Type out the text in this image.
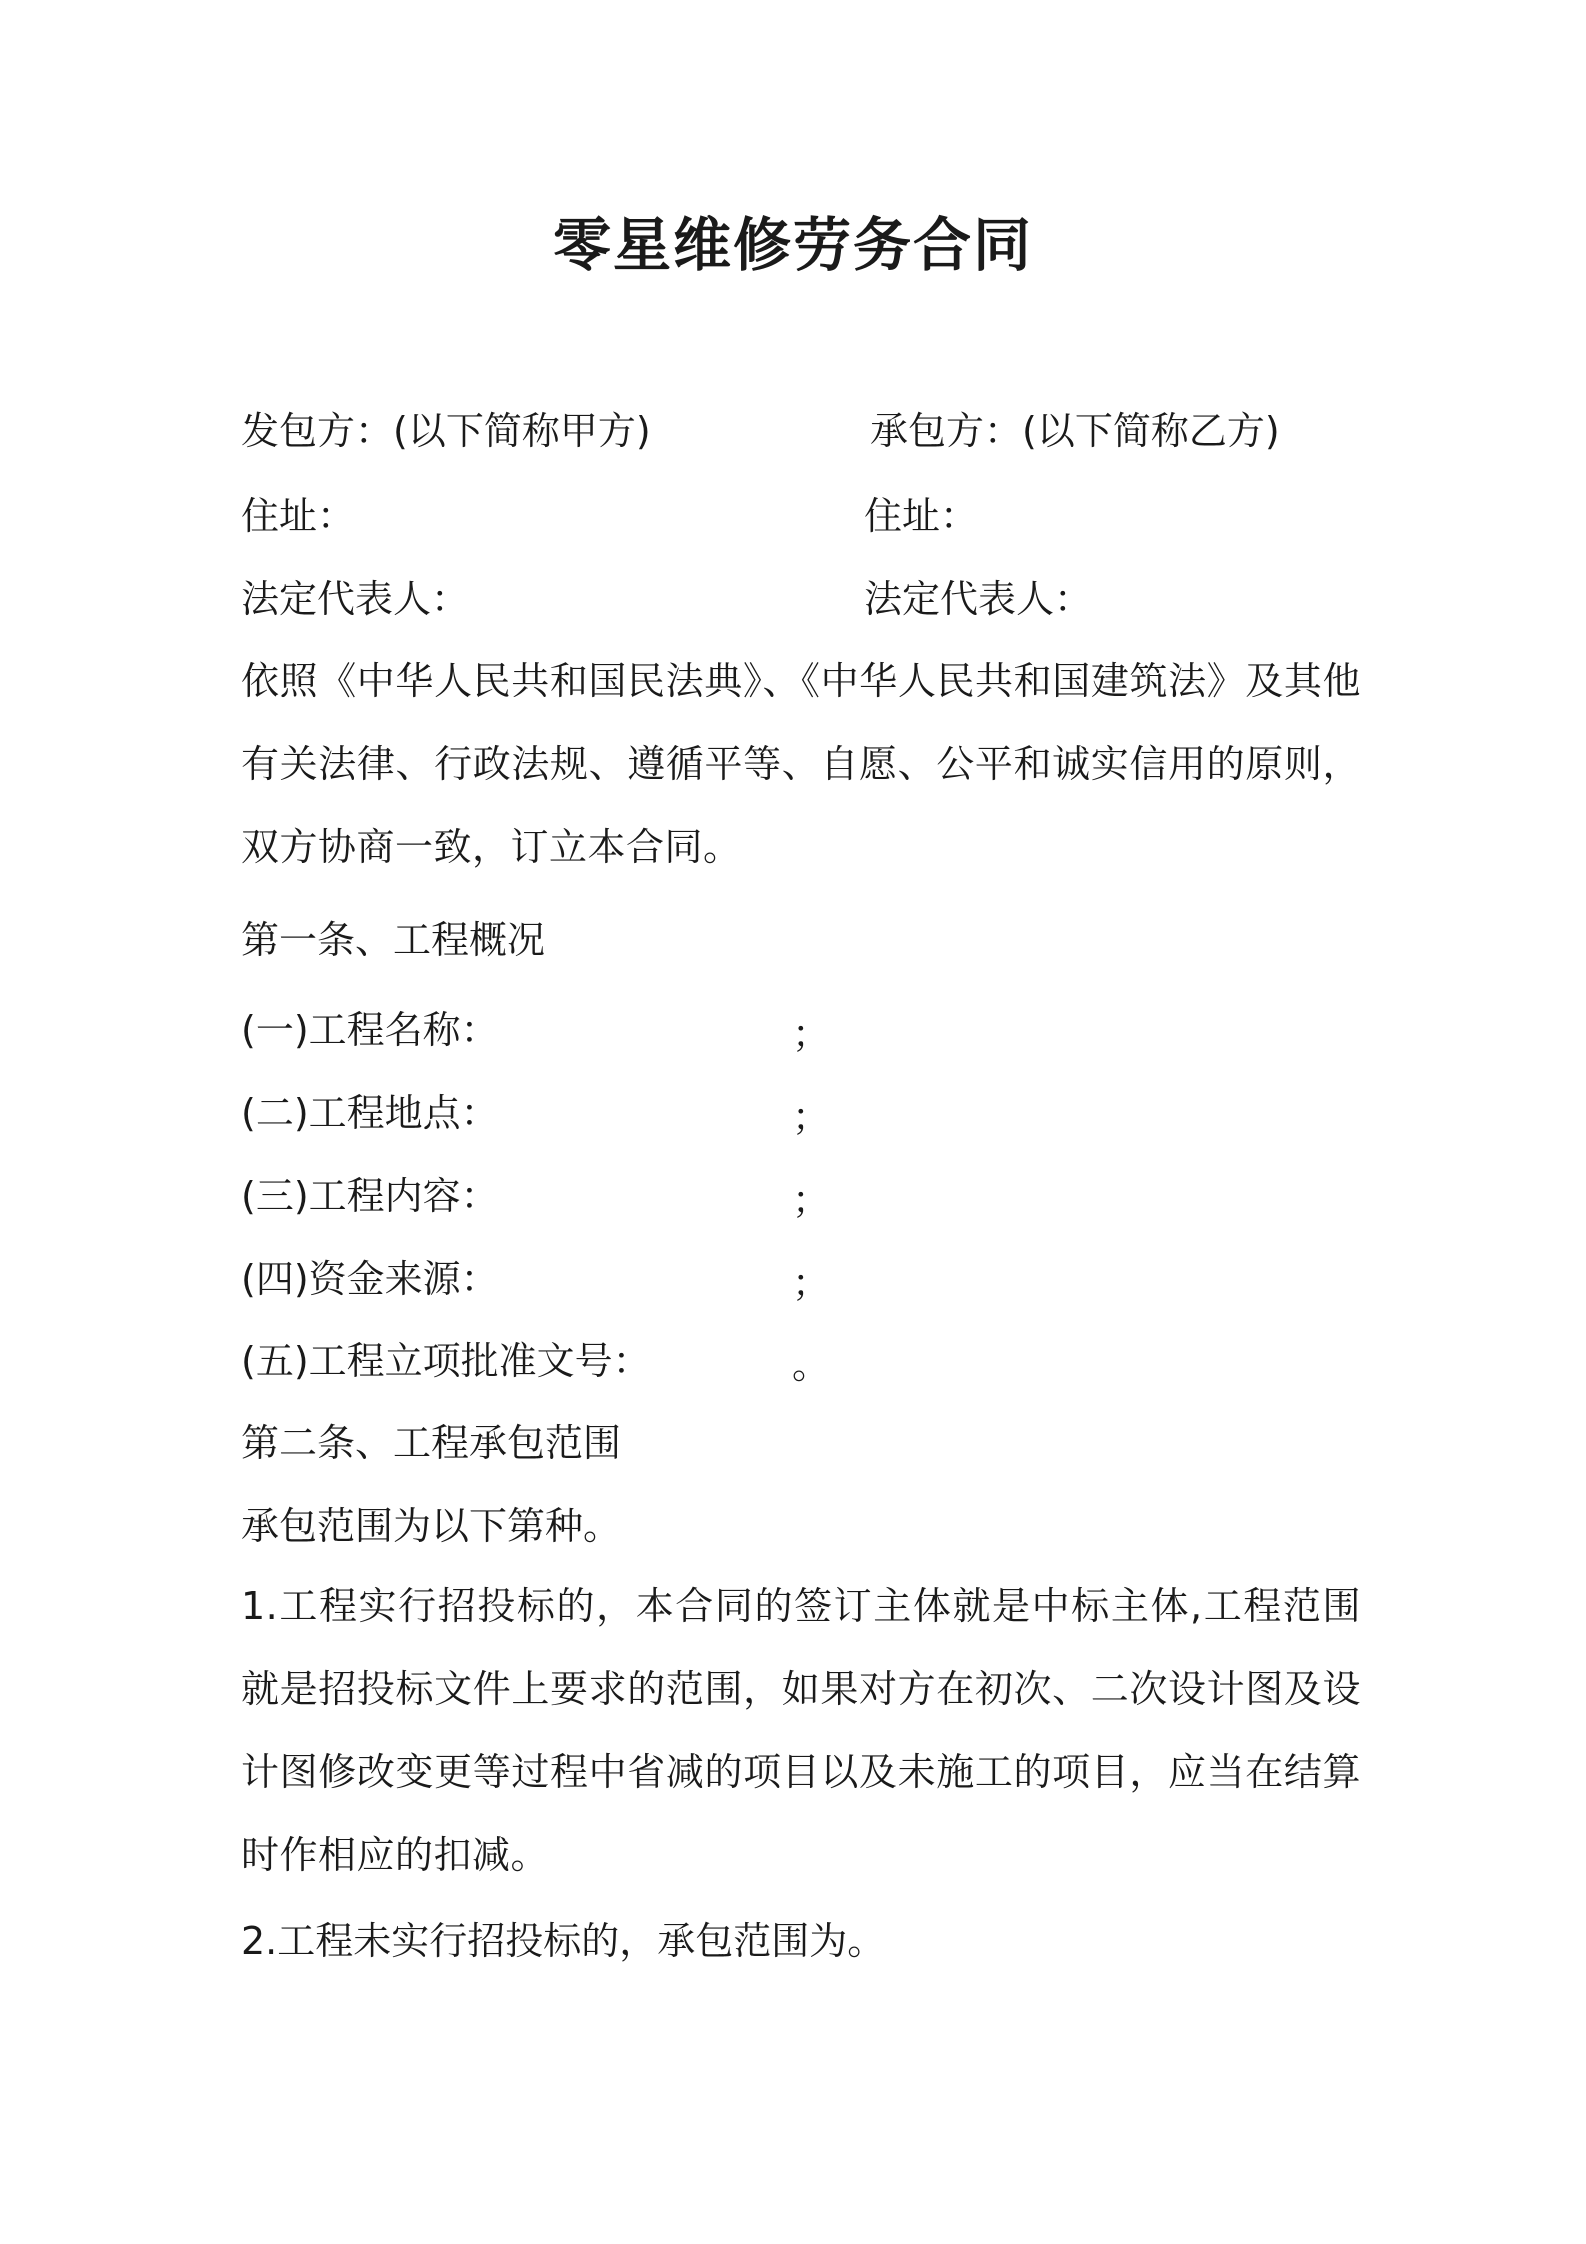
零星维修劳务合同
发包方：(以下简称甲方)	承包方：(以下简称乙方)
住址：	住址：
法定代表人：	法定代表人：

依照《中华人民共和国民法典》、《中华人民共和国建筑法》及其他有关法律、行政法规、遵循平等、自愿、公平和诚实信用的原则，双方协商一致，订立本合同。

第一条、工程概况
(一)工程名称：	；
(二)工程地点：	；
(三)工程内容：	；
(四)资金来源：	；
(五)工程立项批准文号：	。
第二条、工程承包范围
承包范围为以下第种。

1.工程实行招投标的，本合同的签订主体就是中标主体,工程范围就是招投标文件上要求的范围，如果对方在初次、二次设计图及设计图修改变更等过程中省减的项目以及未施工的项目，应当在结算时作相应的扣减。

2.工程未实行招投标的，承包范围为。
